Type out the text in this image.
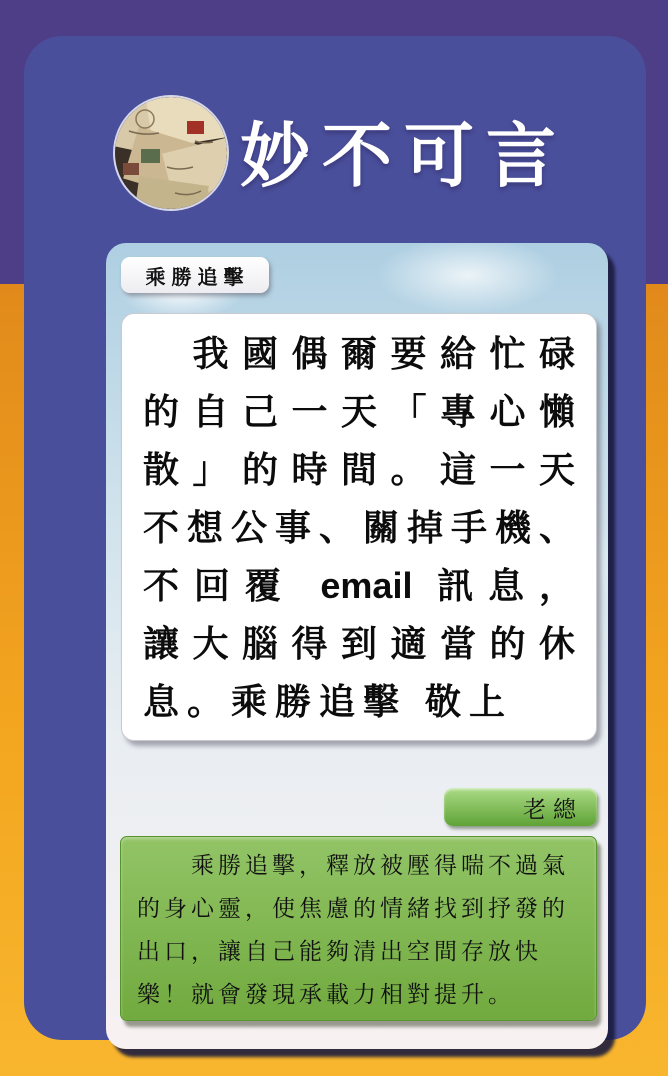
妙不可言
乘勝追擊
　我國偶爾要給忙碌
的自己一天「專心懶
散」的時間。這一天
不想公事、關掉手機、
不回覆 email 訊息，
讓大腦得到適當的休
息。乘勝追擊 敬上
老總
　　乘勝追擊，釋放被壓得喘不過氣
的身心靈，使焦慮的情緒找到抒發的
出口，讓自己能夠清出空間存放快
樂！就會發現承載力相對提升。
